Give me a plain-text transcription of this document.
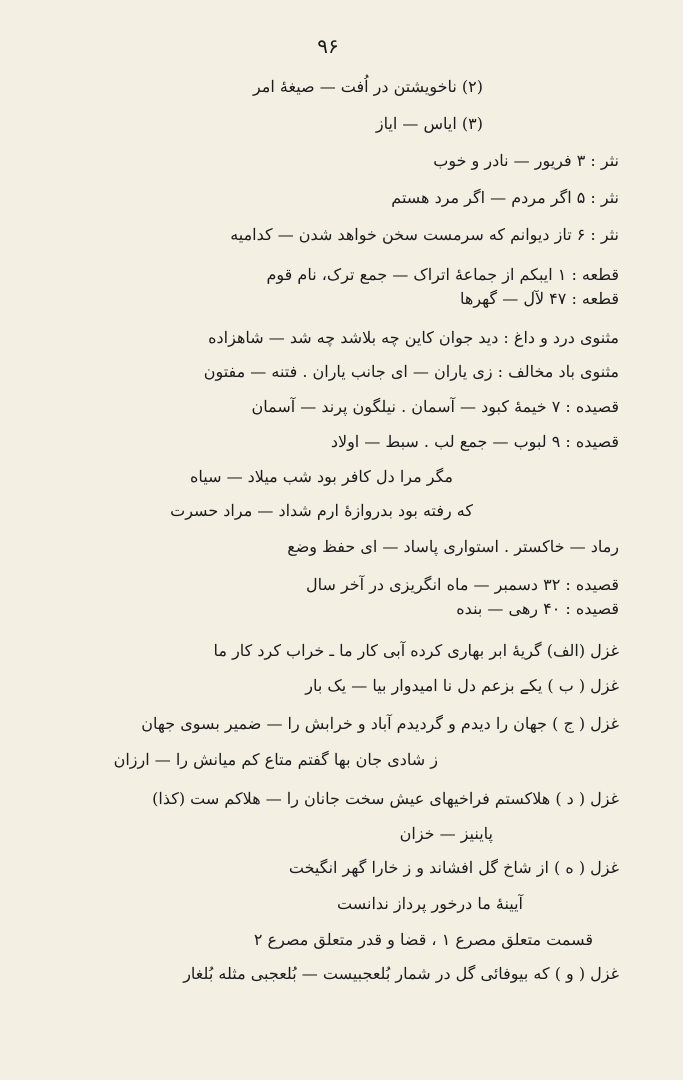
۹۶
(۲) ناخویشتن در اُفت — صیغهٔ امر
(۳) ایاس — ایاز
نثر : ۳ فریور — نادر و خوب
نثر : ۵ اگر مردم — اگر مرد هستم
نثر : ۶ تاز دیوانم که سرمست سخن خواهد شدن — کدامیه
قطعه : ۱ ایبکم از جماعهٔ اتراک — جمع ترک، نام قوم
قطعه : ۴۷ لآل — گهرها
مثنوی درد و داغ : دید جوان کاین چه بلاشد چه شد — شاهزاده
مثنوی باد مخالف : زی یاران — ای جانب یاران . فتنه — مفتون
قصیده : ۷ خیمهٔ کبود — آسمان . نیلگون پرند — آسمان
قصیده : ۹ لبوب — جمع لب . سبط — اولاد
مگر مرا دل کافر بود شب میلاد — سیاه
که رفته بود بدروازهٔ ارم شداد — مراد حسرت
رماد — خاکستر . استواری پاساد — ای حفظ وضع
قصیده : ۳۲ دسمبر — ماه انگریزی در آخر سال
قصیده : ۴۰ رهی — بنده
غزل (الف) گریهٔ ابر بهاری کرده آبی کار ما ـ خراب کرد کار ما
غزل ( ب ) یکے بزعم دل نا امیدوار بیا — یک بار
غزل ( ج ) جهان را دیدم و گردیدم آباد و خرابش را — ضمیر بسوی جهان
ز شادی جان بها گفتم متاع کم میانش را — ارزان
غزل ( د ) هلاکستم فراخیهای عیش سخت جانان را — هلاکم ست (کذا)
پاینیز — خزان
غزل ( ه ) از شاخ گل افشاند و ز خارا گهر انگیخت
آیینهٔ ما درخور پرداز ندانست
قسمت متعلق مصرع ۱ ، قضا و قدر متعلق مصرع ۲
غزل ( و ) که بیوفائی گل در شمار بُلعجبیست — بُلعجبی مثله بُلغار
